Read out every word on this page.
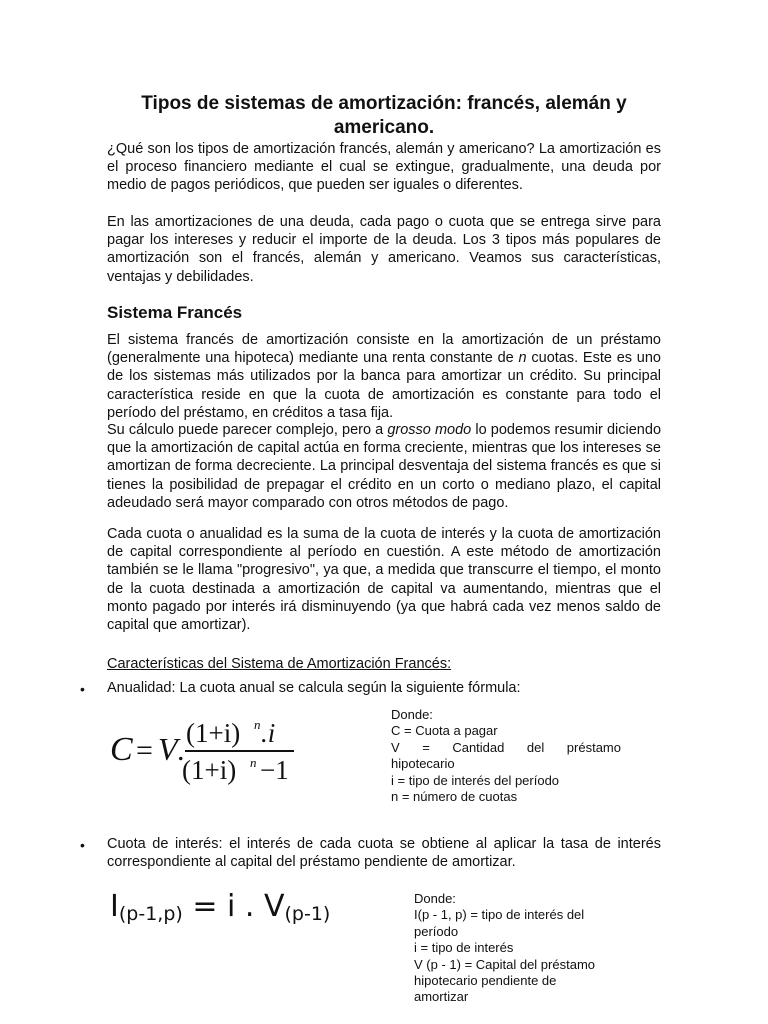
Tipos de sistemas de amortización: francés, alemán y americano.

¿Qué son los tipos de amortización francés, alemán y americano? La amortización es el proceso financiero mediante el cual se extingue, gradualmente, una deuda por medio de pagos periódicos, que pueden ser iguales o diferentes.

En las amortizaciones de una deuda, cada pago o cuota que se entrega sirve para pagar los intereses y reducir el importe de la deuda. Los 3 tipos más populares de amortización son el francés, alemán y americano. Veamos sus características, ventajas y debilidades.

Sistema Francés

El sistema francés de amortización consiste en la amortización de un préstamo (generalmente una hipoteca) mediante una renta constante de n cuotas. Este es uno de los sistemas más utilizados por la banca para amortizar un crédito. Su principal característica reside en que la cuota de amortización es constante para todo el período del préstamo, en créditos a tasa fija.

Su cálculo puede parecer complejo, pero a grosso modo lo podemos resumir diciendo que la amortización de capital actúa en forma creciente, mientras que los intereses se amortizan de forma decreciente. La principal desventaja del sistema francés es que si tienes la posibilidad de prepagar el crédito en un corto o mediano plazo, el capital adeudado será mayor comparado con otros métodos de pago.

Cada cuota o anualidad es la suma de la cuota de interés y la cuota de amortización de capital correspondiente al período en cuestión. A este método de amortización también se le llama "progresivo", ya que, a medida que transcurre el tiempo, el monto de la cuota destinada a amortización de capital va aumentando, mientras que el monto pagado por interés irá disminuyendo (ya que habrá cada vez menos saldo de capital que amortizar).

Características del Sistema de Amortización Francés:

• Anualidad: La cuota anual se calcula según la siguiente fórmula:

C = V .
(1+i) n .i
(1+i) n −1
Donde:
C = Cuota a pagar
V = Cantidad del préstamo
hipotecario
i = tipo de interés del período
n = número de cuotas
• Cuota de interés: el interés de cada cuota se obtiene al aplicar la tasa de interés correspondiente al capital del préstamo pendiente de amortizar.

I(p-1,p) = i . V(p-1)
Donde:
I(p - 1, p) = tipo de interés del
período
i = tipo de interés
V (p - 1) = Capital del préstamo
hipotecario pendiente de
amortizar
